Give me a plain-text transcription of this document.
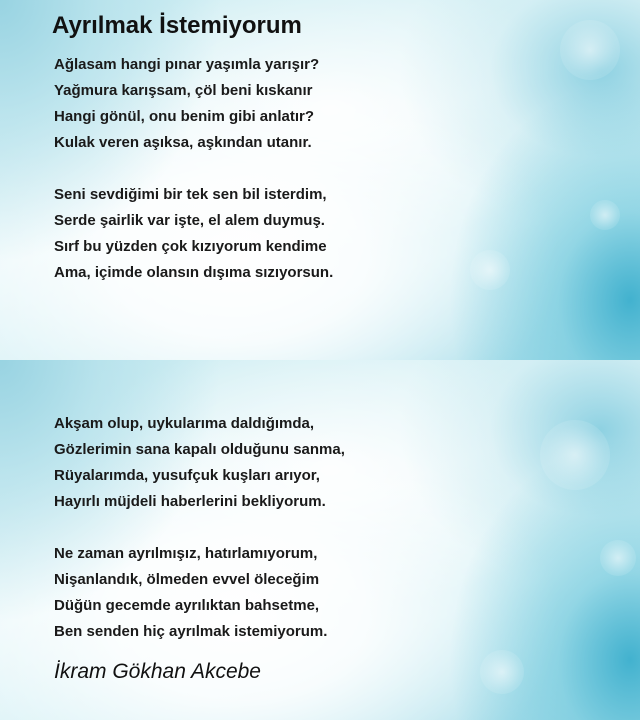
Ayrılmak İstemiyorum
Ağlasam hangi pınar yaşımla yarışır?
Yağmura karışsam, çöl beni kıskanır
Hangi gönül, onu benim gibi anlatır?
Kulak veren aşıksa, aşkından utanır.
Seni sevdiğimi bir tek sen bil isterdim,
Serde şairlik var işte, el alem duymuş.
Sırf bu yüzden çok kızıyorum kendime
Ama, içimde olansın dışıma sızıyorsun.
Akşam olup, uykularıma daldığımda,
Gözlerimin sana kapalı olduğunu sanma,
Rüyalarımda, yusufçuk kuşları arıyor,
Hayırlı müjdeli haberlerini bekliyorum.
Ne zaman ayrılmışız, hatırlamıyorum,
Nişanlandık, ölmeden evvel öleceğim
Düğün gecemde ayrılıktan bahsetme,
Ben senden hiç ayrılmak istemiyorum.

İkram Gökhan Akcebe
